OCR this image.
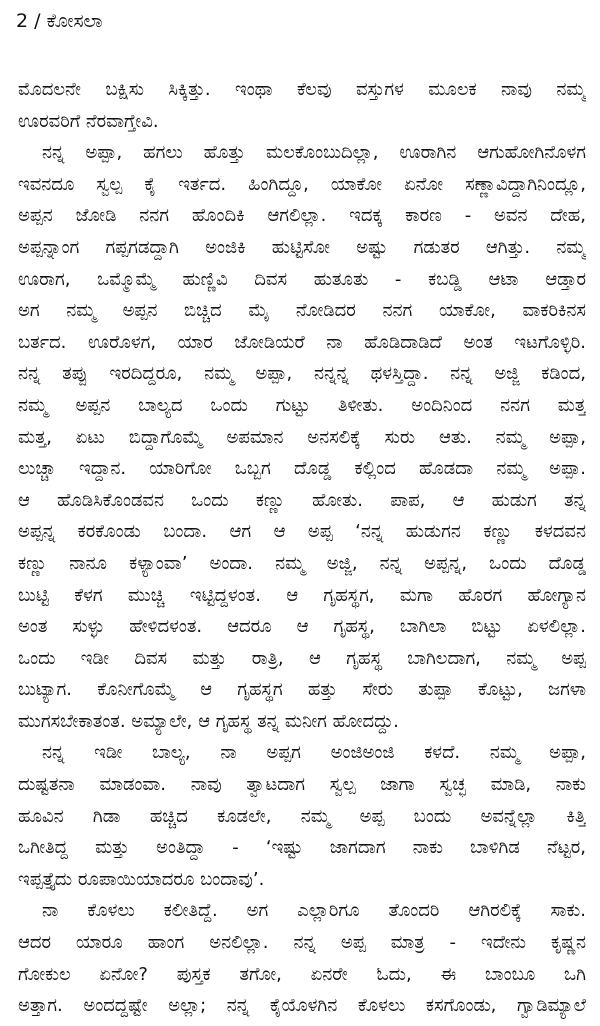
2 / ಕೋಸಲಾ
ಮೊದಲನೇ ಬಕ್ಷಿಸು ಸಿಕ್ಕಿತ್ತು. ಇಂಥಾ ಕೆಲವು ವಸ್ತುಗಳ ಮೂಲಕ ನಾವು ನಮ್ಮ
ಊರವರಿಗೆ ನೆರವಾಗ್ತೇವಿ.
ನನ್ನ ಅಪ್ಪಾ, ಹಗಲು ಹೊತ್ತು ಮಲಕೊಂಬುದಿಲ್ಲಾ, ಊರಾಗಿನ ಆಗುಹೋಗಿನೊಳಗ
ಇವನದೂ ಸ್ವಲ್ಪ ಕೈ ಇರ್ತದ. ಹಿಂಗಿದ್ದೂ, ಯಾಕೋ ಏನೋ ಸಣ್ಣಾವಿದ್ದಾಗಿನಿಂದ್ಲೂ,
ಅಪ್ಪನ ಜೋಡಿ ನನಗ ಹೊಂದಿಕಿ ಆಗಲಿಲ್ಲಾ. ಇದಕ್ಕ ಕಾರಣ - ಅವನ ದೇಹ,
ಅಪ್ಪನ್ನಾಂಗ ಗಪ್ಪಗಡದ್ದಾಗಿ ಅಂಜಿಕಿ ಹುಟ್ಟಿಸೋ ಅಷ್ಟು ಗಡುತರ ಆಗಿತ್ತು. ನಮ್ಮ
ಊರಾಗ, ಒಮ್ಮೊಮ್ಮೆ ಹುಣ್ಣಿವಿ ದಿವಸ ಹುತೂತು - ಕಬಡ್ಡಿ ಆಟಾ ಆಡ್ತಾರ
ಅಗ ನಮ್ಮ ಅಪ್ಪನ ಬಿಚ್ಚಿದ ಮೈ ನೋಡಿದರ ನನಗ ಯಾಕೋ, ವಾಕರಿಕಿನಸ
ಬರ್ತದ. ಊರೊಳಗ, ಯಾರ ಜೋಡಿಯರೆ ನಾ ಹೊಡಿದಾಡಿದೆ ಅಂತ ಇಟಗೊಳ್ಳಿರಿ.
ನನ್ನ ತಪ್ಪು ಇರದಿದ್ದರೂ, ನಮ್ಮ ಅಪ್ಪಾ, ನನ್ನನ್ನ ಥಳಸ್ತಿದ್ದಾ. ನನ್ನ ಅಜ್ಜಿ ಕಡಿಂದ,
ನಮ್ಮ ಅಪ್ಪನ ಬಾಲ್ಯದ ಒಂದು ಗುಟ್ಟು ತಿಳೀತು. ಅಂದಿನಿಂದ ನನಗ ಮತ್ತ
ಮತ್ತ, ಏಟು ಬಿದ್ದಾಗೊಮ್ಮೆ ಅಪಮಾನ ಅನಸಲಿಕ್ಕೆ ಸುರು ಆತು. ನಮ್ಮ ಅಪ್ಪಾ,
ಲುಚ್ಚಾ ಇದ್ದಾನ. ಯಾರಿಗೋ ಒಬ್ಬಗ ದೊಡ್ಡ ಕಲ್ಲಿಂದ ಹೊಡದಾ ನಮ್ಮ ಅಪ್ಪಾ.
ಆ ಹೊಡಿಸಿಕೊಂಡವನ ಒಂದು ಕಣ್ಣು ಹೋತು. ಪಾಪ, ಆ ಹುಡುಗ ತನ್ನ
ಅಪ್ಪನ್ನ ಕರಕೊಂಡು ಬಂದಾ. ಆಗ ಆ ಅಪ್ಪ ‘ನನ್ನ ಹುಡುಗನ ಕಣ್ಣು ಕಳದವನ
ಕಣ್ಣು ನಾನೂ ಕಳ್ಯಾಂವಾ’ ಅಂದಾ. ನಮ್ಮ ಅಜ್ಜಿ, ನನ್ನ ಅಪ್ಪನ್ನ, ಒಂದು ದೊಡ್ಡ
ಬುಟ್ಟಿ ಕೆಳಗ ಮುಚ್ಚಿ ಇಟ್ಟಿದ್ದಳಂತ. ಆ ಗೃಹಸ್ಥಗ, ಮಗಾ ಹೊರಗ ಹೋಗ್ಯಾನ
ಅಂತ ಸುಳ್ಳು ಹೇಳಿದಳಂತ. ಆದರೂ ಆ ಗೃಹಸ್ಥ, ಬಾಗಿಲಾ ಬಿಟ್ಟು ಏಳಲಿಲ್ಲಾ.
ಒಂದು ಇಡೀ ದಿವಸ ಮತ್ತು ರಾತ್ರಿ, ಆ ಗೃಹಸ್ಥ ಬಾಗಿಲದಾಗ, ನಮ್ಮ ಅಪ್ಪ
ಬುಟ್ಯಾಗ. ಕೊನೀಗೊಮ್ಮೆ ಆ ಗೃಹಸ್ಥಗ ಹತ್ತು ಸೇರು ತುಪ್ಪಾ ಕೊಟ್ಟು, ಜಗಳಾ
ಮುಗಸಬೇಕಾತಂತ. ಅಮ್ಯಾಲೇ, ಆ ಗೃಹಸ್ಥ ತನ್ನ ಮನೀಗ ಹೋದದ್ದು.
ನನ್ನ ಇಡೀ ಬಾಲ್ಯ, ನಾ ಅಪ್ಪಗ ಅಂಜಿಅಂಜಿ ಕಳದೆ. ನಮ್ಮ ಅಪ್ಪಾ,
ದುಷ್ಟತನಾ ಮಾಡಂವಾ. ನಾವು ತ್ವಾಟದಾಗ ಸ್ವಲ್ಪ ಜಾಗಾ ಸ್ವಚ್ಛ ಮಾಡಿ, ನಾಕು
ಹೂವಿನ ಗಿಡಾ ಹಚ್ಚಿದ ಕೂಡಲೇ, ನಮ್ಮ ಅಪ್ಪ ಬಂದು ಅವನ್ನೆಲ್ಲಾ ಕಿತ್ತಿ
ಒಗೀತಿದ್ದ ಮತ್ತು ಅಂತಿದ್ದಾ - ‘ಇಷ್ಟು ಜಾಗದಾಗ ನಾಕು ಬಾಳಿಗಿಡ ನೆಟ್ಟರ,
ಇಪ್ಪತ್ತೈದು ರೂಪಾಯಿಯಾದರೂ ಬಂದಾವು’.
ನಾ ಕೊಳಲು ಕಲೀತಿದ್ದೆ. ಅಗ ಎಲ್ಲಾರಿಗೂ ತೊಂದರಿ ಆಗಿರಲಿಕ್ಕೆ ಸಾಕು.
ಆದರ ಯಾರೂ ಹಾಂಗ ಅನಲಿಲ್ಲಾ. ನನ್ನ ಅಪ್ಪ ಮಾತ್ರ - ಇದೇನು ಕೃಷ್ಣನ
ಗೋಕುಲ ಏನೋ? ಪುಸ್ತಕ ತಗೋ, ಏನರೇ ಓದು, ಈ ಬಾಂಬೂ ಒಗಿ
ಅತ್ತಾಗ. ಅಂದದ್ದಷ್ಟೇ ಅಲ್ಲಾ; ನನ್ನ ಕೈಯೊಳಗಿನ ಕೊಳಲು ಕಸಗೊಂಡು, ಗ್ವಾಡಿಮ್ಯಾಲೆ
